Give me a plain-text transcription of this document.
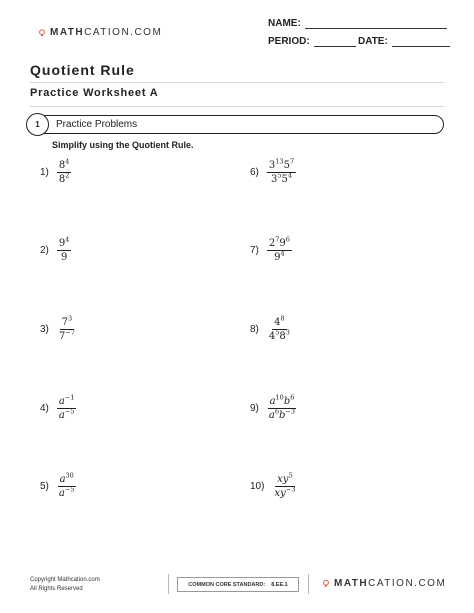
MATHCATION.COM
NAME:
PERIOD:	DATE:
Quotient Rule
Practice Worksheet A
1	Practice Problems
Simplify using the Quotient Rule.
$1) \frac{8^4}{8^2}$
$2) \frac{9^4}{9}$
$3) \frac{7^3}{7^{-7}}$
$4) \frac{a^{-1}}{a^{-5}}$
$5) \frac{a^{30}}{a^{-5}}$
$6) \frac{3^{13}5^7}{3^55^4}$
$7) \frac{2^79^6}{9^4}$
$8) \frac{4^8}{4^58^3}$
$9) \frac{a^{10}b^6}{a^6b^{-3}}$
$10) \frac{xy^5}{xy^{-3}}$
Copyright Mathcation.com
All Rights Reserved
COMMON CORE STANDARD: 8.EE.1	MATHCATION.COM
